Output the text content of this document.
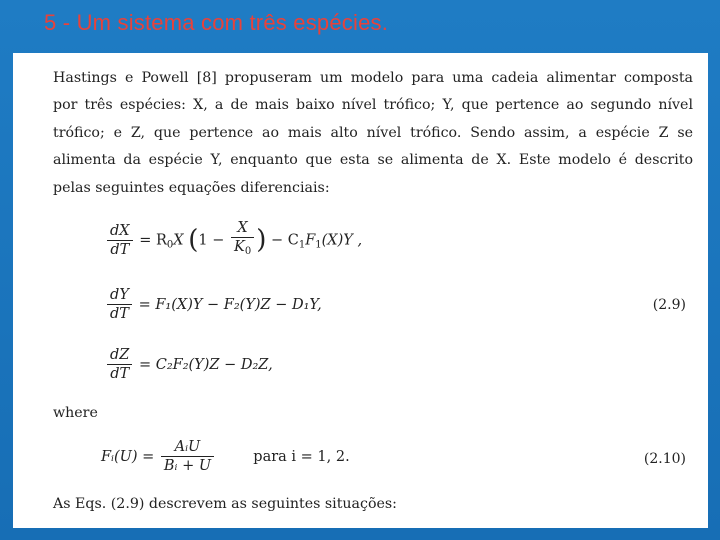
5 - Um sistema com três espécies.
Hastings e Powell [8] propuseram um modelo para uma cadeia alimentar composta
por três espécies: X, a de mais baixo nível trófico; Y, que pertence ao segundo nível
trófico; e Z, que pertence ao mais alto nível trófico. Sendo assim, a espécie Z se
alimenta da espécie Y, enquanto que esta se alimenta de X. Este modelo é descrito
pelas seguintes equações diferenciais:
$\frac{dX}{dT} = R_0X$ ($1 - \frac{X}{K_0}$ ) − $C_1F_1(X)Y$ ,
$\frac{dY}{dT} = F_1(X)Y - F_2(Y)Z - D_1Y$,	(2.9)
$\frac{dZ}{dT} = C_2F_2(Y)Z - D_2Z$,
where
Fᵢ(U) = $\frac{\text{AᵢU}}{\text{Bᵢ + U}}$	para i = 1, 2.	(2.10)
As Eqs. (2.9) descrevem as seguintes situações:
